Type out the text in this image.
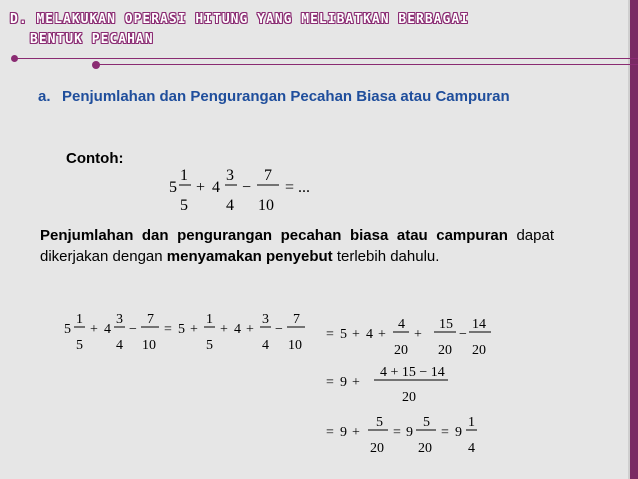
D. MELAKUKAN OPERASI HITUNG YANG MELIBATKAN BERBAGAI
BENTUK PECAHAN
a. Penjumlahan dan Pengurangan Pecahan Biasa atau Campuran
Contoh:
Penjumlahan dan pengurangan pecahan biasa atau campuran dapat dikerjakan dengan menyamakan penyebut terlebih dahulu.
5
1
5
+ 4
3
4
−
7
10
= ...
5
1
5
+ 4
3
4
−
7
10
= 5 +
1
5
+ 4 +
3
4
−
7
10
= 5 + 4 +
4
20
+
15
20
−
14
20
= 9 +
4 + 15 − 14
20
= 9 +
5
20
= 9
5
20
= 9
1
4
